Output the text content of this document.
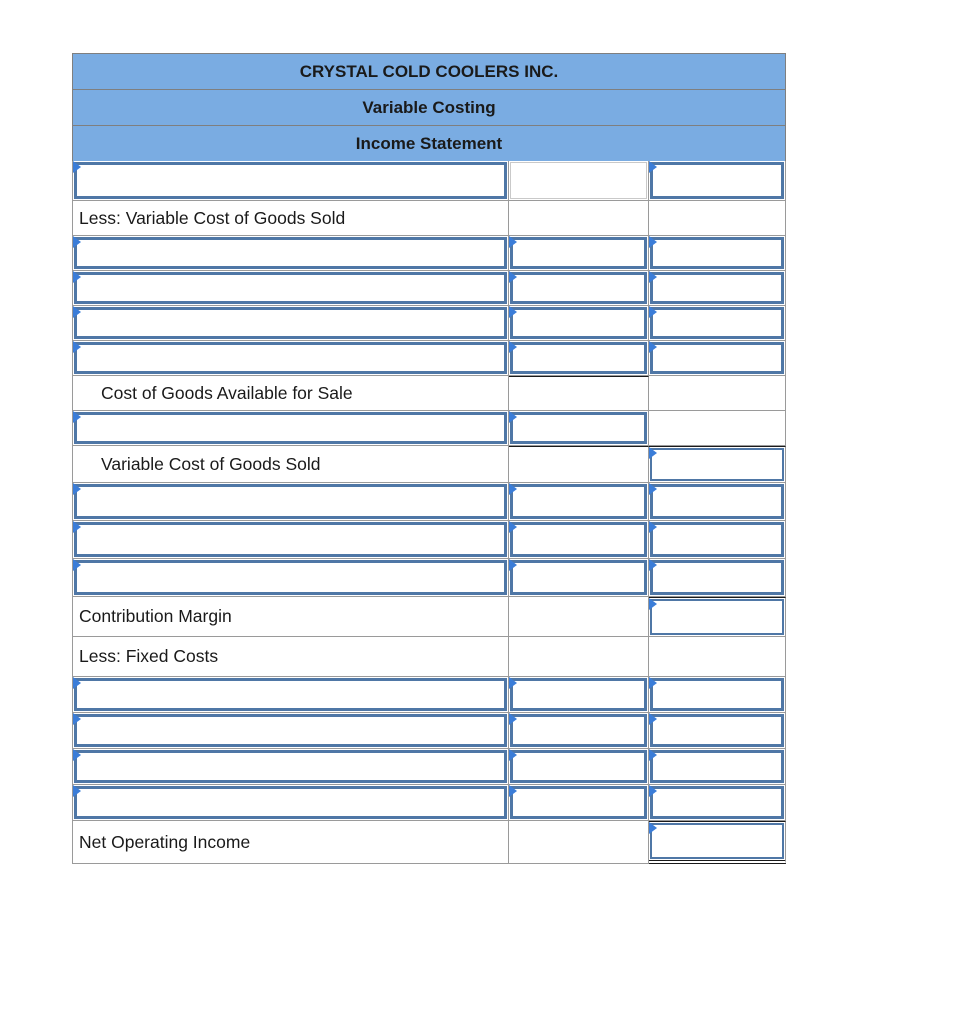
CRYSTAL COLD COOLERS INC.
Variable Costing
Income Statement
Less: Variable Cost of Goods Sold
Cost of Goods Available for Sale
Variable Cost of Goods Sold
Contribution Margin
Less: Fixed Costs
Net Operating Income
